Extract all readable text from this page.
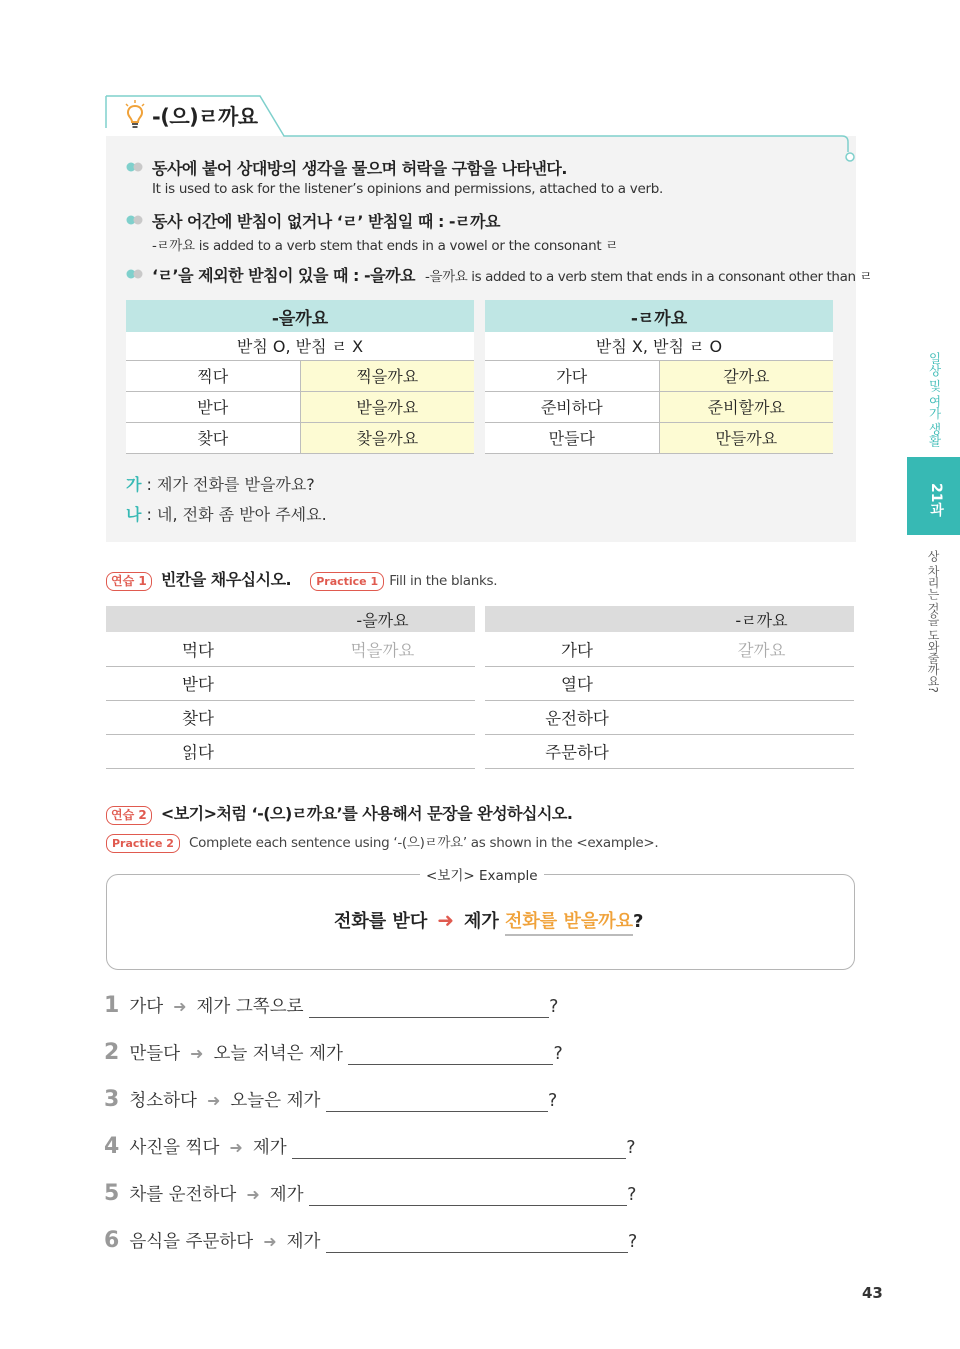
-(으)ㄹ까요
동사에 붙어 상대방의 생각을 물으며 허락을 구함을 나타낸다.
It is used to ask for the listener’s opinions and permissions, attached to a verb.
동사 어간에 받침이 없거나 ‘ㄹ’ 받침일 때 : -ㄹ까요
-ㄹ까요 is added to a verb stem that ends in a vowel or the consonant ㄹ
‘ㄹ’을 제외한 받침이 있을 때 : -을까요 -을까요 is added to a verb stem that ends in a consonant other than ㄹ
-을까요	
받침 O, 받침 ㄹ X	
찍다	찍을까요
받다	받을까요
찾다	찾을까요
-ㄹ까요	
받침 X, 받침 ㄹ O	
가다	갈까요
준비하다	준비할까요
만들다	만들까요
가 : 제가 전화를 받을까요?
나 : 네, 전화 좀 받아 주세요.
연습 1 빈칸을 채우십시오. Practice 1 Fill in the blanks.
	-을까요
먹다	먹을까요
받다	
찾다	
읽다	
	-ㄹ까요
가다	갈까요
열다	
운전하다	
주문하다	
연습 2 <보기>처럼 ‘-(으)ㄹ까요’를 사용해서 문장을 완성하십시오.
Practice 2 Complete each sentence using ‘-(으)ㄹ까요’ as shown in the <example>.
<보기> Example
전화를 받다 ➜ 제가 전화를 받을까요?
1 가다 ➜ 제가 그쪽으로	?
2 만들다 ➜ 오늘 저녁은 제가	?
3 청소하다 ➜ 오늘은 제가	?
4 사진을 찍다 ➜ 제가	?
5 차를 운전하다 ➜ 제가	?
6 음식을 주문하다 ➜ 제가	?
일상 및 여가 생활
21과
상 차리는 것을 도와줄까요?
43
